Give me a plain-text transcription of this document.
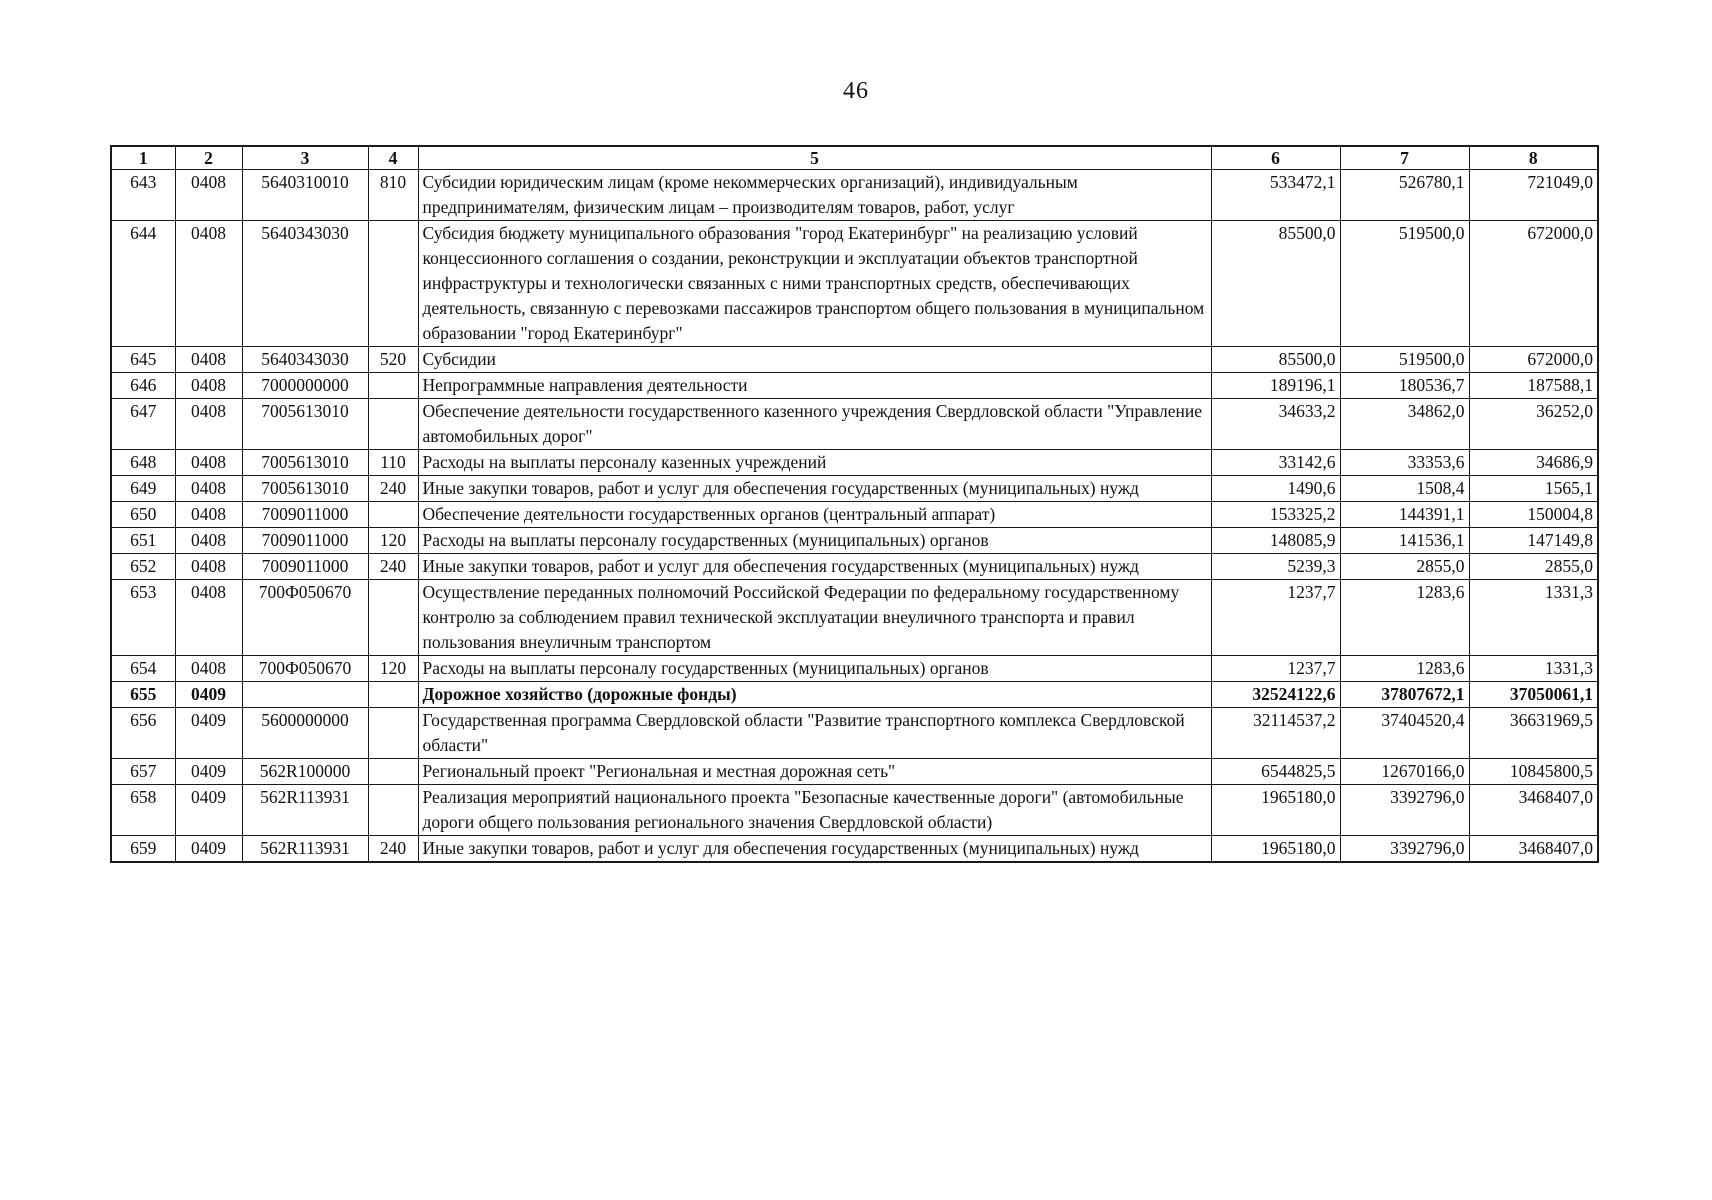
46
1	2	3	4	5	6	7	8
643	0408	5640310010	810	Субсидии юридическим лицам (кроме некоммерческих организаций), индивидуальным предпринимателям, физическим лицам – производителям товаров, работ, услуг	533472,1	526780,1	721049,0
644	0408	5640343030		Субсидия бюджету муниципального образования "город Екатеринбург" на реализацию условий концессионного соглашения о создании, реконструкции и эксплуатации объектов транспортной инфраструктуры и технологически связанных с ними транспортных средств, обеспечивающих деятельность, связанную с перевозками пассажиров транспортом общего пользования в муниципальном образовании "город Екатеринбург"	85500,0	519500,0	672000,0
645	0408	5640343030	520	Субсидии	85500,0	519500,0	672000,0
646	0408	7000000000		Непрограммные направления деятельности	189196,1	180536,7	187588,1
647	0408	7005613010		Обеспечение деятельности государственного казенного учреждения Свердловской области "Управление автомобильных дорог"	34633,2	34862,0	36252,0
648	0408	7005613010	110	Расходы на выплаты персоналу казенных учреждений	33142,6	33353,6	34686,9
649	0408	7005613010	240	Иные закупки товаров, работ и услуг для обеспечения государственных (муниципальных) нужд	1490,6	1508,4	1565,1
650	0408	7009011000		Обеспечение деятельности государственных органов (центральный аппарат)	153325,2	144391,1	150004,8
651	0408	7009011000	120	Расходы на выплаты персоналу государственных (муниципальных) органов	148085,9	141536,1	147149,8
652	0408	7009011000	240	Иные закупки товаров, работ и услуг для обеспечения государственных (муниципальных) нужд	5239,3	2855,0	2855,0
653	0408	700Ф050670		Осуществление переданных полномочий Российской Федерации по федеральному государственному контролю за соблюдением правил технической эксплуатации внеуличного транспорта и правил пользования внеуличным транспортом	1237,7	1283,6	1331,3
654	0408	700Ф050670	120	Расходы на выплаты персоналу государственных (муниципальных) органов	1237,7	1283,6	1331,3
655	0409			Дорожное хозяйство (дорожные фонды)	32524122,6	37807672,1	37050061,1
656	0409	5600000000		Государственная программа Свердловской области "Развитие транспортного комплекса Свердловской области"	32114537,2	37404520,4	36631969,5
657	0409	562R100000		Региональный проект "Региональная и местная дорожная сеть"	6544825,5	12670166,0	10845800,5
658	0409	562R113931		Реализация мероприятий национального проекта "Безопасные качественные дороги" (автомобильные дороги общего пользования регионального значения Свердловской области)	1965180,0	3392796,0	3468407,0
659	0409	562R113931	240	Иные закупки товаров, работ и услуг для обеспечения государственных (муниципальных) нужд	1965180,0	3392796,0	3468407,0
